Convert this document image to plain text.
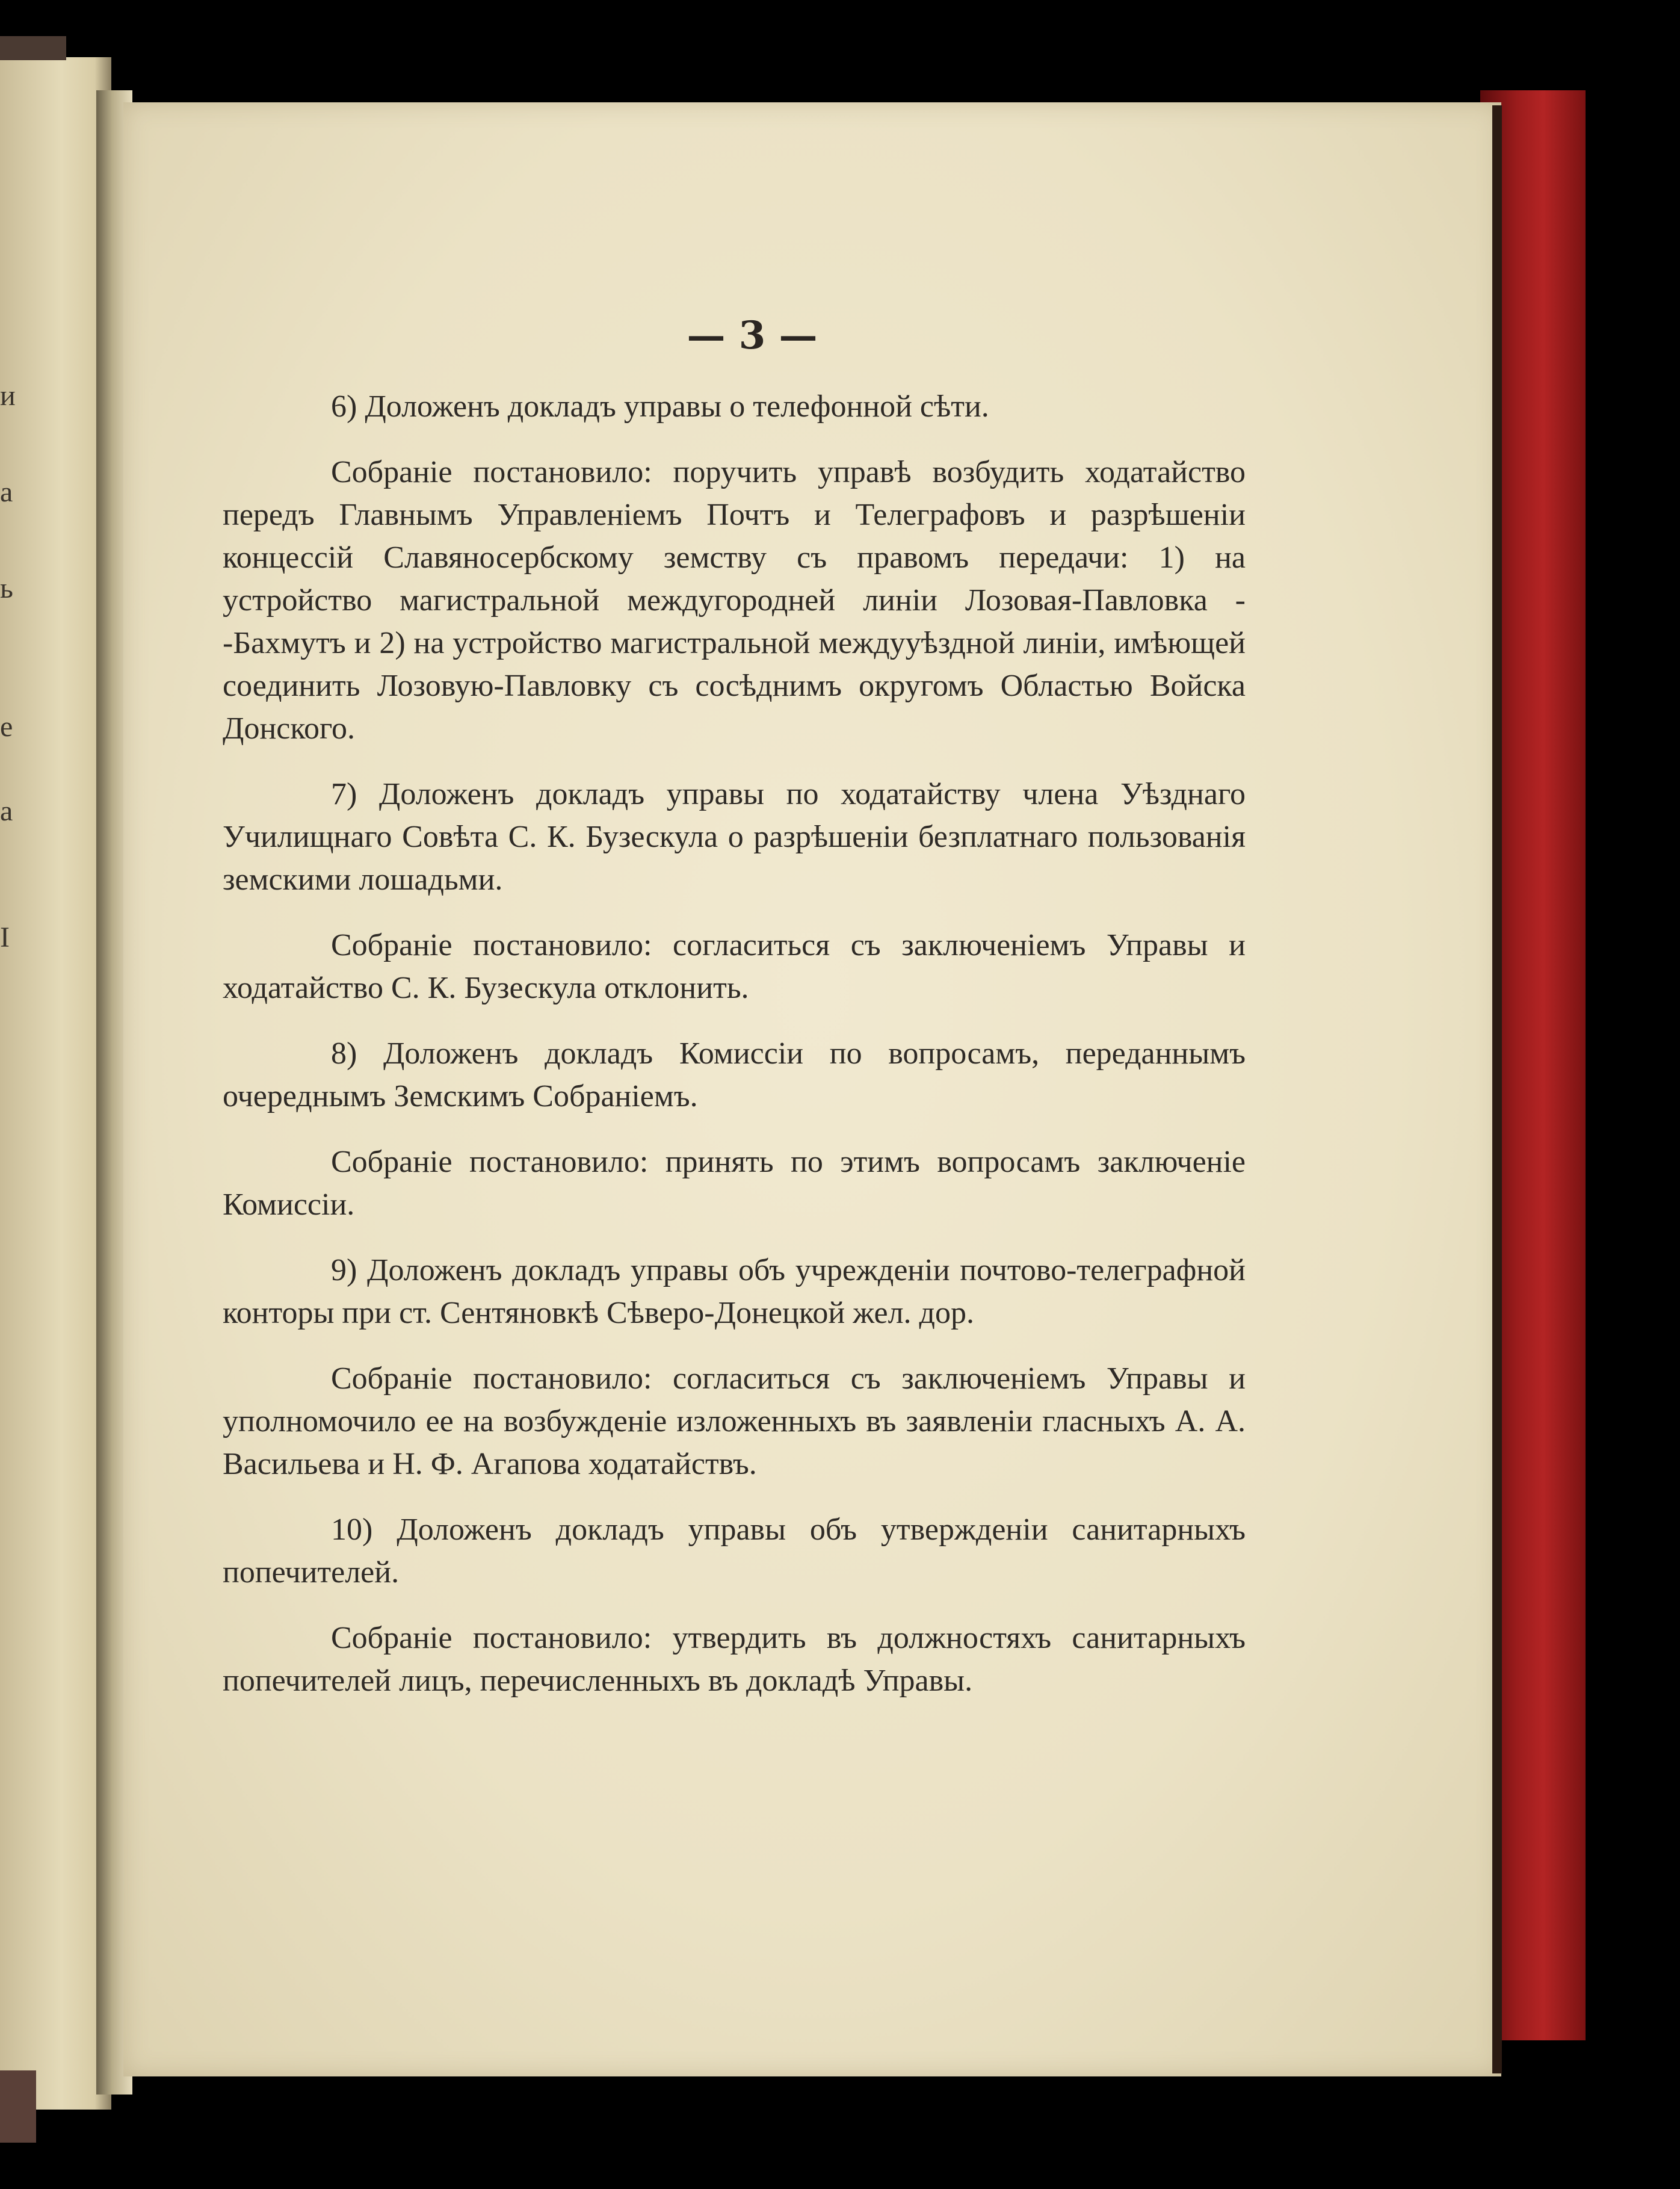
и
а
ь
е
а
I
— 3 —

6) Доложенъ докладъ управы о телефонной сѣти.

Собраніе постановило: поручить управѣ возбудить ходатайство передъ Главнымъ Управленіемъ Почтъ и Телеграфовъ и разрѣшеніи концессій Славяносербскому земству съ правомъ передачи: 1) на устройство магистральной междугородней линіи Лозовая-Павловка - -Бахмутъ и 2) на устройство магистральной междууѣздной линіи, имѣющей соединить Лозовую-Павловку съ сосѣднимъ округомъ Областью Войска Донского.

7) Доложенъ докладъ управы по ходатайству члена Уѣзднаго Училищнаго Совѣта С. К. Бузескула о разрѣшеніи безплатнаго пользованія земскими лошадьми.

Собраніе постановило: согласиться съ заключеніемъ Управы и ходатайство С. К. Бузескула отклонить.

8) Доложенъ докладъ Комиссіи по вопросамъ, переданнымъ очереднымъ Земскимъ Собраніемъ.

Собраніе постановило: принять по этимъ вопросамъ заключеніе Комиссіи.

9) Доложенъ докладъ управы объ учрежденіи почтово-телеграфной конторы при ст. Сентяновкѣ Сѣверо-Донецкой жел. дор.

Собраніе постановило: согласиться съ заключеніемъ Управы и уполномочило ее на возбужденіе изложенныхъ въ заявленіи гласныхъ А. А. Васильева и Н. Ф. Агапова ходатайствъ.

10) Доложенъ докладъ управы объ утвержденіи санитарныхъ попечителей.

Собраніе постановило: утвердить въ должностяхъ санитарныхъ попечителей лицъ, перечисленныхъ въ докладѣ Управы.
